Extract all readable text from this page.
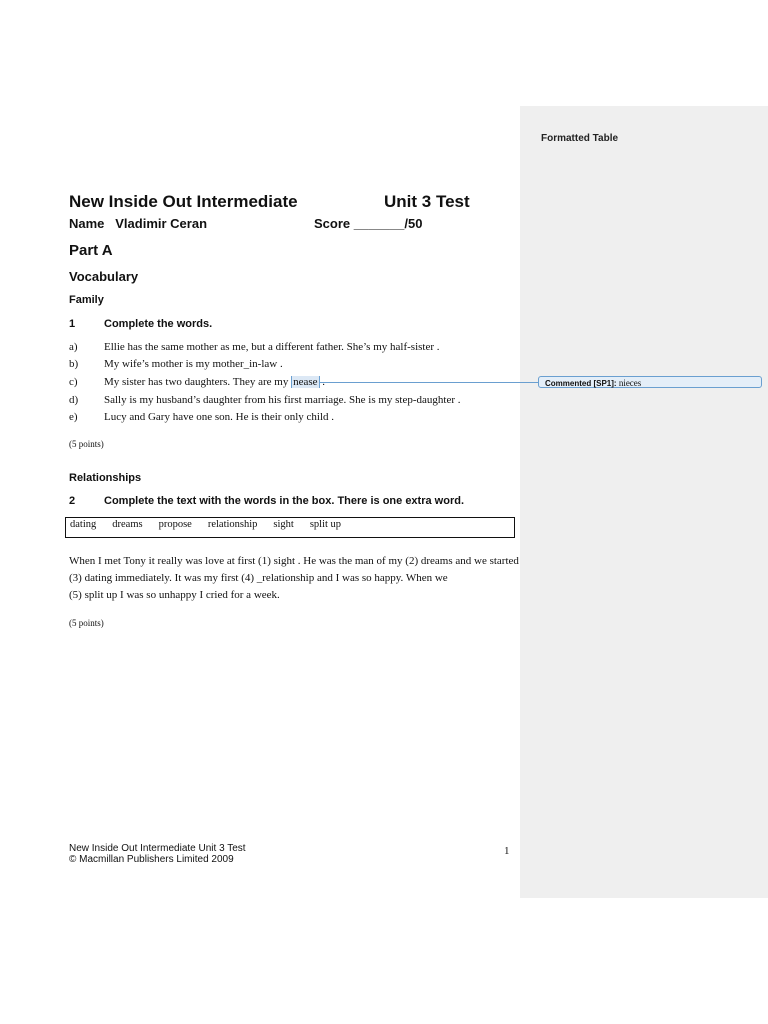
Formatted Table
Commented [SP1]: nieces
New Inside Out Intermediate	Unit 3 Test
Name Vladimir Ceran	Score _______/50
Part A
Vocabulary
Family
1	Complete the words.
a) Ellie has the same mother as me, but a different father. She’s my half-sister .
b) My wife’s mother is my mother_in-law .
c) My sister has two daughters. They are my nease .
d) Sally is my husband’s daughter from his first marriage. She is my step-daughter .
e) Lucy and Gary have one son. He is their only child .
(5 points)
Relationships
2	Complete the text with the words in the box. There is one extra word.
dating dreams propose relationship sight split up
When I met Tony it really was love at first (1) sight . He was the man of my (2) dreams and we started
(3) dating immediately. It was my first (4) _relationship and I was so happy. When we
(5) split up I was so unhappy I cried for a week.
(5 points)
New Inside Out Intermediate Unit 3 Test
© Macmillan Publishers Limited 2009
1
